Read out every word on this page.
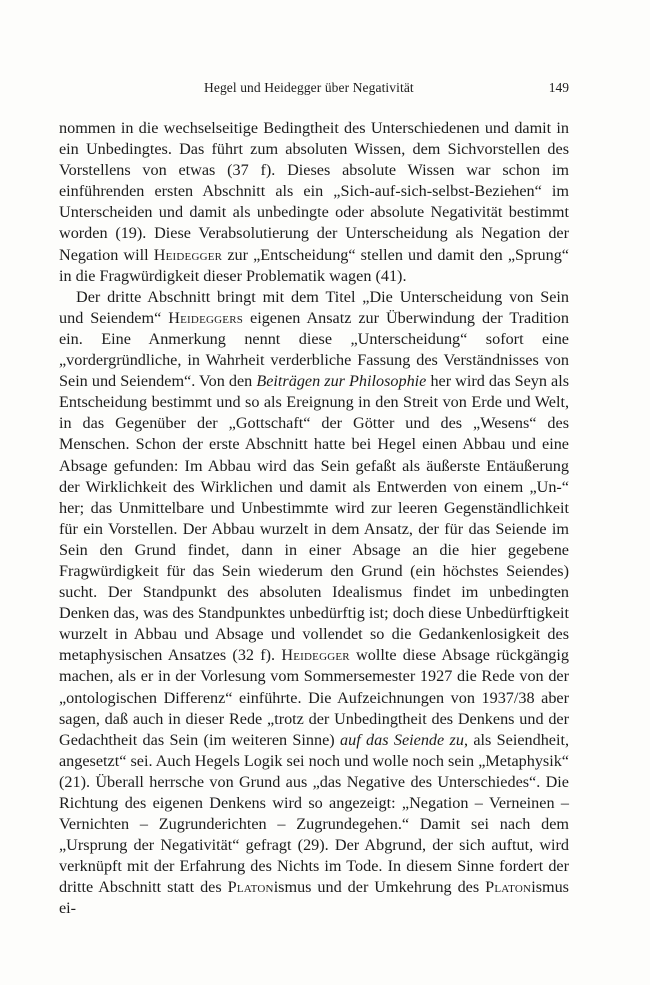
Hegel und Heidegger über Negativität	149

nommen in die wechselseitige Bedingtheit des Unterschiedenen und damit in ein Unbedingtes. Das führt zum absoluten Wissen, dem Sichvorstellen des Vorstellens von etwas (37 f). Dieses absolute Wissen war schon im einführenden ersten Abschnitt als ein „Sich-auf-sich-selbst-Beziehen“ im Unterscheiden und damit als unbedingte oder absolute Negativität bestimmt worden (19). Diese Verabsolutierung der Unterscheidung als Negation der Negation will Heidegger zur „Entscheidung“ stellen und damit den „Sprung“ in die Fragwürdigkeit dieser Problematik wagen (41).

Der dritte Abschnitt bringt mit dem Titel „Die Unterscheidung von Sein und Seiendem“ Heideggers eigenen Ansatz zur Überwindung der Tradition ein. Eine Anmerkung nennt diese „Unterscheidung“ sofort eine „vordergründliche, in Wahrheit verderbliche Fassung des Verständnisses von Sein und Seiendem“. Von den Beiträgen zur Philosophie her wird das Seyn als Entscheidung bestimmt und so als Ereignung in den Streit von Erde und Welt, in das Gegenüber der „Gottschaft“ der Götter und des „Wesens“ des Menschen. Schon der erste Abschnitt hatte bei Hegel einen Abbau und eine Absage gefunden: Im Abbau wird das Sein gefaßt als äußerste Entäußerung der Wirklichkeit des Wirklichen und damit als Entwerden von einem „Un-“ her; das Unmittelbare und Unbestimmte wird zur leeren Gegenständlichkeit für ein Vorstellen. Der Abbau wurzelt in dem Ansatz, der für das Seiende im Sein den Grund findet, dann in einer Absage an die hier gegebene Fragwürdigkeit für das Sein wiederum den Grund (ein höchstes Seiendes) sucht. Der Standpunkt des absoluten Idealismus findet im unbedingten Denken das, was des Standpunktes unbedürftig ist; doch diese Unbedürftigkeit wurzelt in Abbau und Absage und vollendet so die Gedankenlosigkeit des metaphysischen Ansatzes (32 f). Heidegger wollte diese Absage rückgängig machen, als er in der Vorlesung vom Sommersemester 1927 die Rede von der „ontologischen Differenz“ einführte. Die Aufzeichnungen von 1937/38 aber sagen, daß auch in dieser Rede „trotz der Unbedingtheit des Denkens und der Gedachtheit das Sein (im weiteren Sinne) auf das Seiende zu, als Seiendheit, angesetzt“ sei. Auch Hegels Logik sei noch und wolle noch sein „Metaphysik“ (21). Überall herrsche von Grund aus „das Negative des Unterschiedes“. Die Richtung des eigenen Denkens wird so angezeigt: „Negation – Verneinen – Vernichten – Zugrunderichten – Zugrundegehen.“ Damit sei nach dem „Ursprung der Negativität“ gefragt (29). Der Abgrund, der sich auftut, wird verknüpft mit der Erfahrung des Nichts im Tode. In diesem Sinne fordert der dritte Abschnitt statt des Platonismus und der Umkehrung des Platonismus ei-
